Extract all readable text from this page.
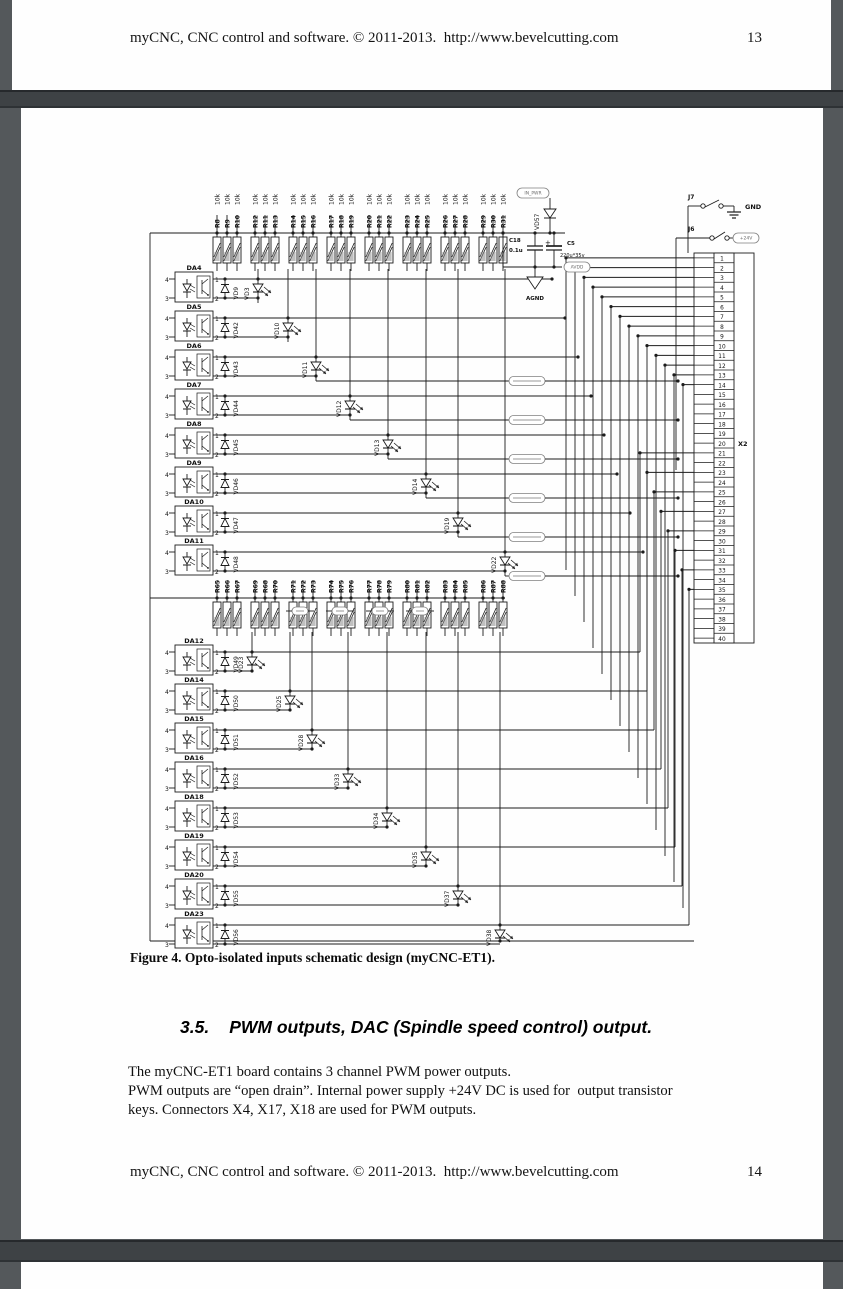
myCNC, CNC control and software. © 2011-2013.  http://www.bevelcutting.com	13
R8
10k
R9
10k
R10
10k
R12
10k
R11
10k
R13
10k
R14
10k
R15
10k
R16
10k
R17
10k
R18
10k
R19
10k
R20
10k
R21
10k
R22
10k
R23
10k
R24
10k
R25
10k
R26
10k
R27
10k
R28
10k
R29
10k
R30
10k
R31
10k
R65 R66 R67 R69 R68 R70 R71 R72 R73 R74 R75 R76 R77 R78 R79 R80 R81 R82 R83 R84 R85 R86 R87 R88
DA4
4
3
1
2 VD9 VD3
DA5
4
3
1
2 VD42	VD10
DA6
4
3
1
2 VD43	VD11
DA7
4
3
1
2 VD44	VD12
DA8
4
3
1
2 VD45	VD13
DA9
4
3
1
2 VD46	VD14
DA10
4
3
1
2 VD47	VD19
DA11
4
3
1
2 VD48	VD22
DA12
4
3
1
2 VD49
VD23
DA14
4
3
1
2 VD50	VD25
DA15
4
3
1
2 VD51	VD28
DA16
4
3
1
2 VD52	VD33
DA18
4
3
1
2 VD53	VD34
DA19
4
3
1
2 VD54	VD35
DA20
4
3
1
2 VD55	VD37
DA23
4
3
1
2 VD56	VD38
1
2
3
4
5
6
7
8
9
10
11
12
13
14
15
16
17
18
19
20
21
22
23
24
25
26
27
28
29
30
31
32
33
34
35
36
37
38
39
40
X2
IN_PWR
VD57
C18
0.1u
+	C5
220u*35v
AVDD
AGND
J7
GND
J6
+24V
Figure 4. Opto-isolated inputs schematic design (myCNC-ET1).
3.5. PWM outputs, DAC (Spindle speed control) output.
The myCNC-ET1 board contains 3 channel PWM power outputs.
PWM outputs are “open drain”. Internal power supply +24V DC is used for  output transistor
keys. Connectors X4, X17, X18 are used for PWM outputs.
myCNC, CNC control and software. © 2011-2013.  http://www.bevelcutting.com	14
